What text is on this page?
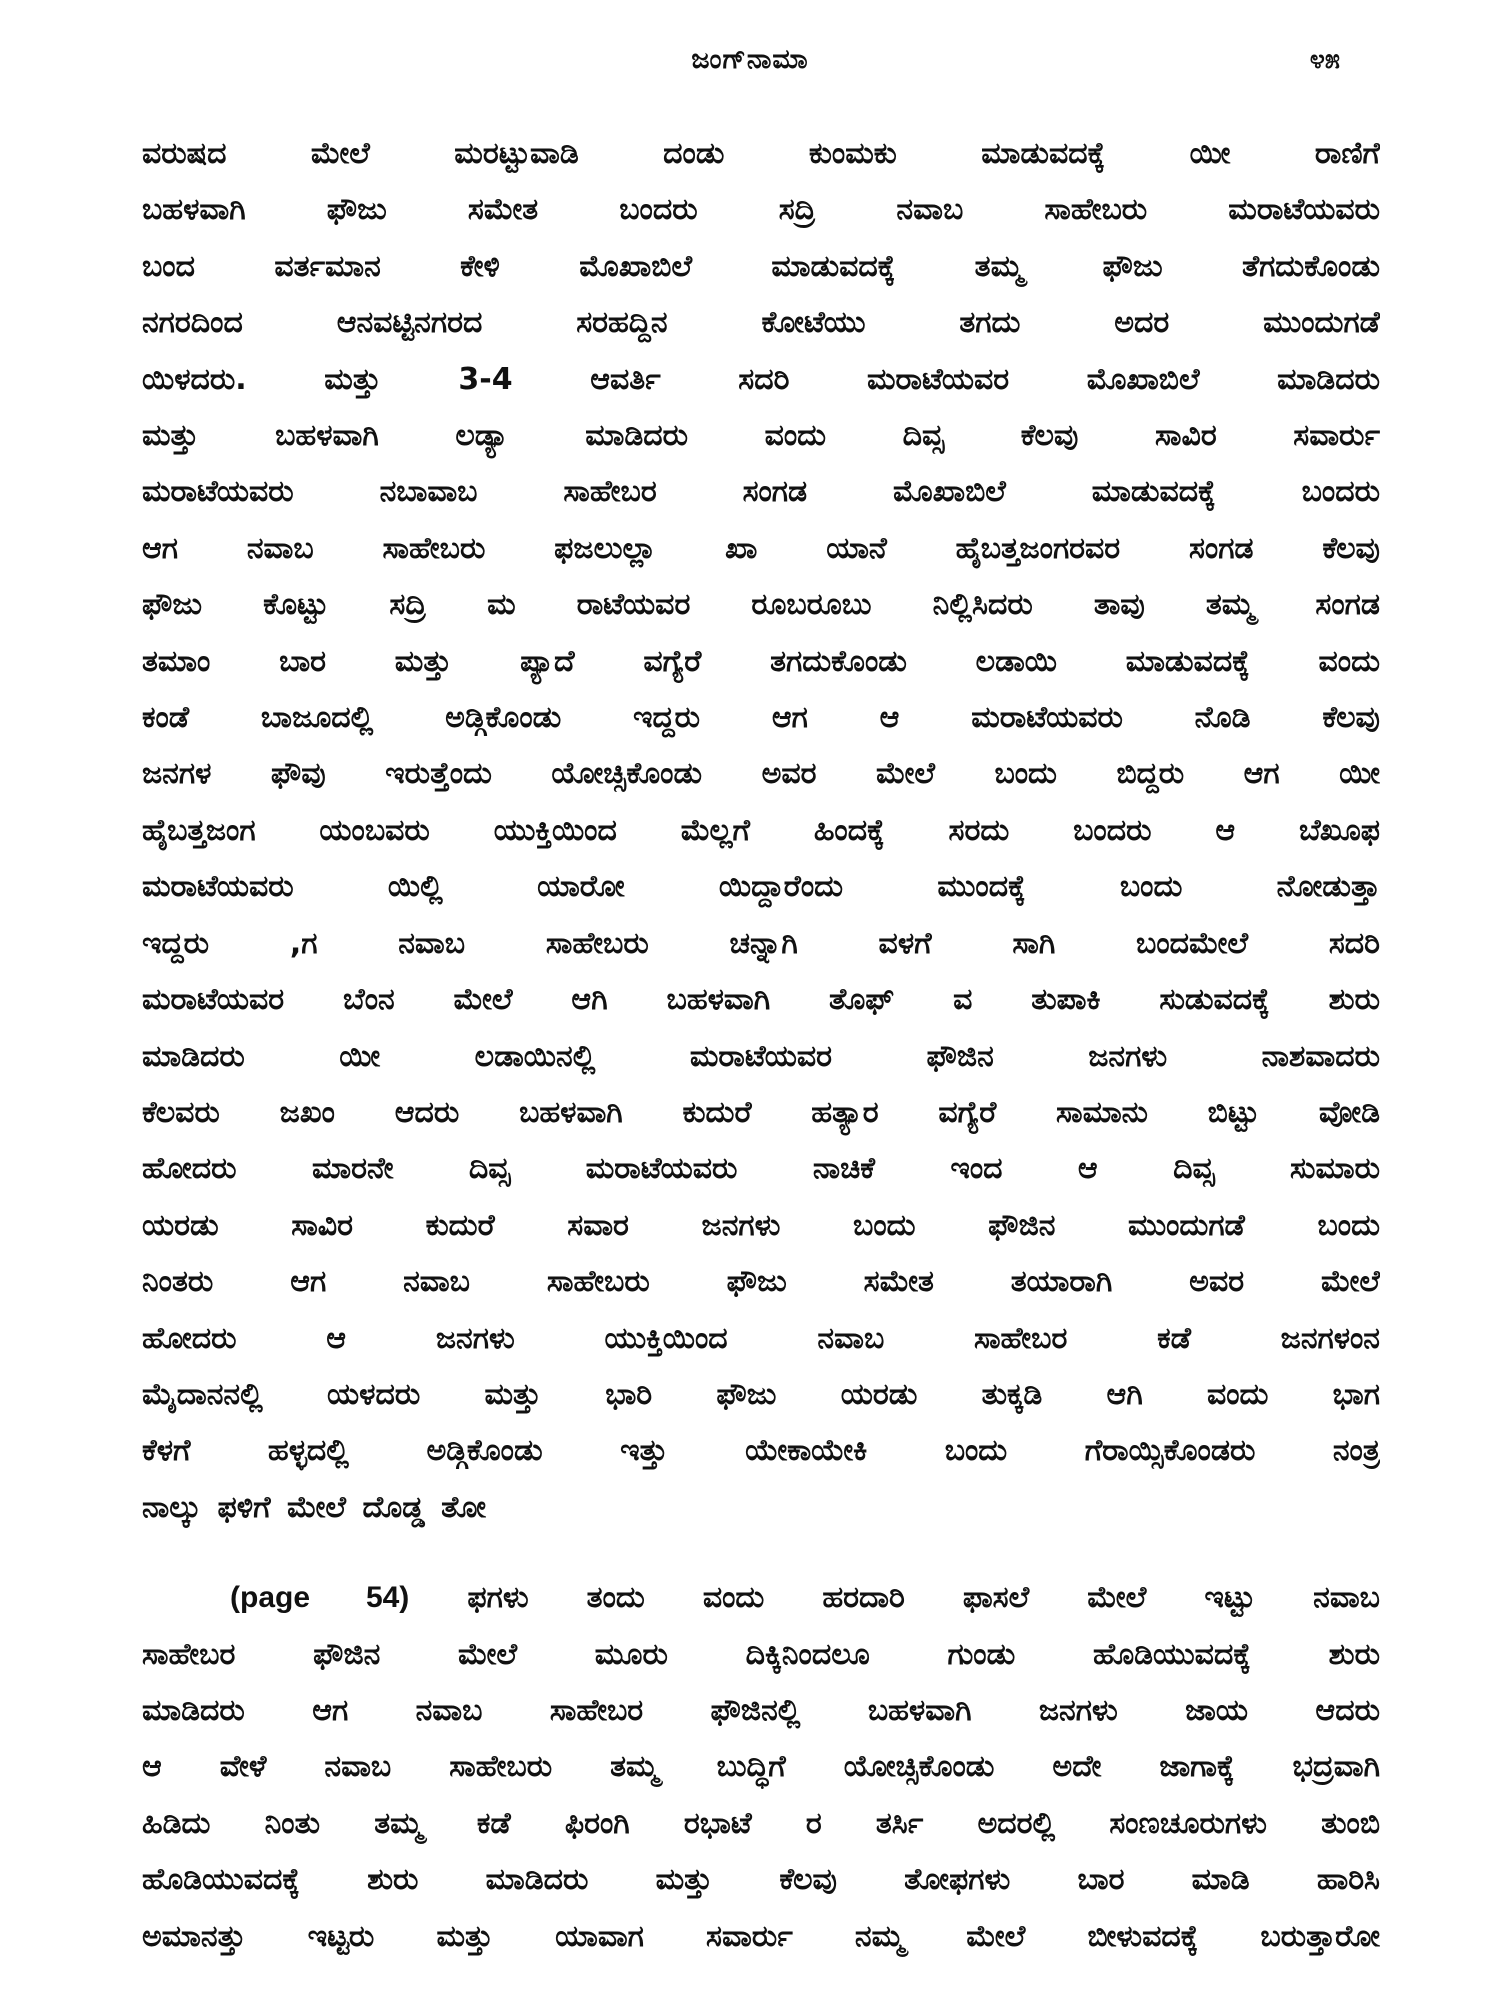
ಜಂಗ್‌ನಾಮಾ	೪೫
ವರುಷದ ಮೇಲೆ ಮರಟ್ಟುವಾಡಿ ದಂಡು ಕುಂಮಕು ಮಾಡುವದಕ್ಕೆ ಯೀ ರಾಣಿಗೆ
ಬಹಳವಾಗಿ ಫೌಜು ಸಮೇತ ಬಂದರು ಸದ್ರಿ ನವಾಬ ಸಾಹೇಬರು ಮರಾಟೆಯವರು
ಬಂದ ವರ್ತಮಾನ ಕೇಳಿ ಮೊಖಾಬಿಲೆ ಮಾಡುವದಕ್ಕೆ ತಮ್ಮ ಫೌಜು ತೆಗದುಕೊಂಡು
ನಗರದಿಂದ ಆನವಟ್ಟಿನಗರದ ಸರಹದ್ದಿನ ಕೋಟೆಯು ತಗದು ಅದರ ಮುಂದುಗಡೆ
ಯಿಳದರು. ಮತ್ತು 3-4 ಆವರ್ತಿ ಸದರಿ ಮರಾಟೆಯವರ ಮೊಖಾಬಿಲೆ ಮಾಡಿದರು
ಮತ್ತು ಬಹಳವಾಗಿ ಲಡ್ಯಾ ಮಾಡಿದರು ವಂದು ದಿವ್ಸ ಕೆಲವು ಸಾವಿರ ಸವಾರ್ರು
ಮರಾಟೆಯವರು ನಬಾವಾಬ ಸಾಹೇಬರ ಸಂಗಡ ಮೊಖಾಬಿಲೆ ಮಾಡುವದಕ್ಕೆ ಬಂದರು
ಆಗ ನವಾಬ ಸಾಹೇಬರು ಫಜಲುಲ್ಲಾ ಖಾ ಯಾನೆ ಹೈಬತ್ತಜಂಗರವರ ಸಂಗಡ ಕೆಲವು
ಫೌಜು ಕೊಟ್ಟು ಸದ್ರಿ ಮ ರಾಟೆಯವರ ರೂಬರೂಬು ನಿಲ್ಲಿಸಿದರು ತಾವು ತಮ್ಮ ಸಂಗಡ
ತಮಾಂ ಬಾರ ಮತ್ತು ಪ್ಯಾದೆ ವಗ್ಯೆರೆ ತಗದುಕೊಂಡು ಲಡಾಯಿ ಮಾಡುವದಕ್ಕೆ ವಂದು
ಕಂಡೆ ಬಾಜೂದಲ್ಲಿ ಅಡ್ಗಿಕೊಂಡು ಇದ್ದರು ಆಗ ಆ ಮರಾಟೆಯವರು ನೊಡಿ ಕೆಲವು
ಜನಗಳ ಫೌವು ಇರುತ್ತೆಂದು ಯೋಚ್ಸಿಕೊಂಡು ಅವರ ಮೇಲೆ ಬಂದು ಬಿದ್ದರು ಆಗ ಯೀ
ಹೈಬತ್ತಜಂಗ ಯಂಬವರು ಯುಕ್ತಿಯಿಂದ ಮೆಲ್ಲಗೆ ಹಿಂದಕ್ಕೆ ಸರದು ಬಂದರು ಆ ಬೆಖೂಫ
ಮರಾಟೆಯವರು ಯಿಲ್ಲಿ ಯಾರೋ ಯಿದ್ದಾರೆಂದು ಮುಂದಕ್ಕೆ ಬಂದು ನೋಡುತ್ತಾ
ಇದ್ದರು ,ಗ ನವಾಬ ಸಾಹೇಬರು ಚನ್ನಾಗಿ ವಳಗೆ ಸಾಗಿ ಬಂದಮೇಲೆ ಸದರಿ
ಮರಾಟೆಯವರ ಬೆಂನ ಮೇಲೆ ಆಗಿ ಬಹಳವಾಗಿ ತೊಫ್ ವ ತುಪಾಕಿ ಸುಡುವದಕ್ಕೆ ಶುರು
ಮಾಡಿದರು ಯೀ ಲಡಾಯಿನಲ್ಲಿ ಮರಾಟೆಯವರ ಫೌಜಿನ ಜನಗಳು ನಾಶವಾದರು
ಕೆಲವರು ಜಖಂ ಆದರು ಬಹಳವಾಗಿ ಕುದುರೆ ಹತ್ಯಾರ ವಗ್ಯೆರೆ ಸಾಮಾನು ಬಿಟ್ಟು ವೋಡಿ
ಹೋದರು ಮಾರನೇ ದಿವ್ಸ ಮರಾಟೆಯವರು ನಾಚಿಕೆ ಇಂದ ಆ ದಿವ್ಸ ಸುಮಾರು
ಯರಡು ಸಾವಿರ ಕುದುರೆ ಸವಾರ ಜನಗಳು ಬಂದು ಫೌಜಿನ ಮುಂದುಗಡೆ ಬಂದು
ನಿಂತರು ಆಗ ನವಾಬ ಸಾಹೇಬರು ಫೌಜು ಸಮೇತ ತಯಾರಾಗಿ ಅವರ ಮೇಲೆ
ಹೋದರು ಆ ಜನಗಳು ಯುಕ್ತಿಯಿಂದ ನವಾಬ ಸಾಹೇಬರ ಕಡೆ ಜನಗಳಂನ
ಮೈದಾನನಲ್ಲಿ ಯಳದರು ಮತ್ತು ಭಾರಿ ಫೌಜು ಯರಡು ತುಕ್ಕಡಿ ಆಗಿ ವಂದು ಭಾಗ
ಕೆಳಗೆ ಹಳ್ಳದಲ್ಲಿ ಅಡ್ಗಿಕೊಂಡು ಇತ್ತು ಯೇಕಾಯೇಕಿ ಬಂದು ಗೆರಾಯ್ಸಿಕೊಂಡರು ನಂತ್ರ
ನಾಲ್ಕು ಫಳಿಗೆ ಮೇಲೆ ದೊಡ್ಡ ತೋ
(page 54) ಫಗಳು ತಂದು ವಂದು ಹರದಾರಿ ಫಾಸಲೆ ಮೇಲೆ ಇಟ್ಟು ನವಾಬ
ಸಾಹೇಬರ ಫೌಜಿನ ಮೇಲೆ ಮೂರು ದಿಕ್ಕಿನಿಂದಲೂ ಗುಂಡು ಹೊಡಿಯುವದಕ್ಕೆ ಶುರು
ಮಾಡಿದರು ಆಗ ನವಾಬ ಸಾಹೇಬರ ಫೌಜಿನಲ್ಲಿ ಬಹಳವಾಗಿ ಜನಗಳು ಜಾಯ ಆದರು
ಆ ವೇಳೆ ನವಾಬ ಸಾಹೇಬರು ತಮ್ಮ ಬುದ್ಧಿಗೆ ಯೋಚ್ಸಿಕೊಂಡು ಅದೇ ಜಾಗಾಕ್ಕೆ ಭದ್ರವಾಗಿ
ಹಿಡಿದು ನಿಂತು ತಮ್ಮ ಕಡೆ ಫಿರಂಗಿ ರಭಾಟೆ ರ ತರ್ಸಿ ಅದರಲ್ಲಿ ಸಂಣಚೂರುಗಳು ತುಂಬಿ
ಹೊಡಿಯುವದಕ್ಕೆ ಶುರು ಮಾಡಿದರು ಮತ್ತು ಕೆಲವು ತೋಫಗಳು ಬಾರ ಮಾಡಿ ಹಾರಿಸಿ
ಅಮಾನತ್ತು ಇಟ್ಟರು ಮತ್ತು ಯಾವಾಗ ಸವಾರ್ರು ನಮ್ಮ ಮೇಲೆ ಬೀಳುವದಕ್ಕೆ ಬರುತ್ತಾರೋ
